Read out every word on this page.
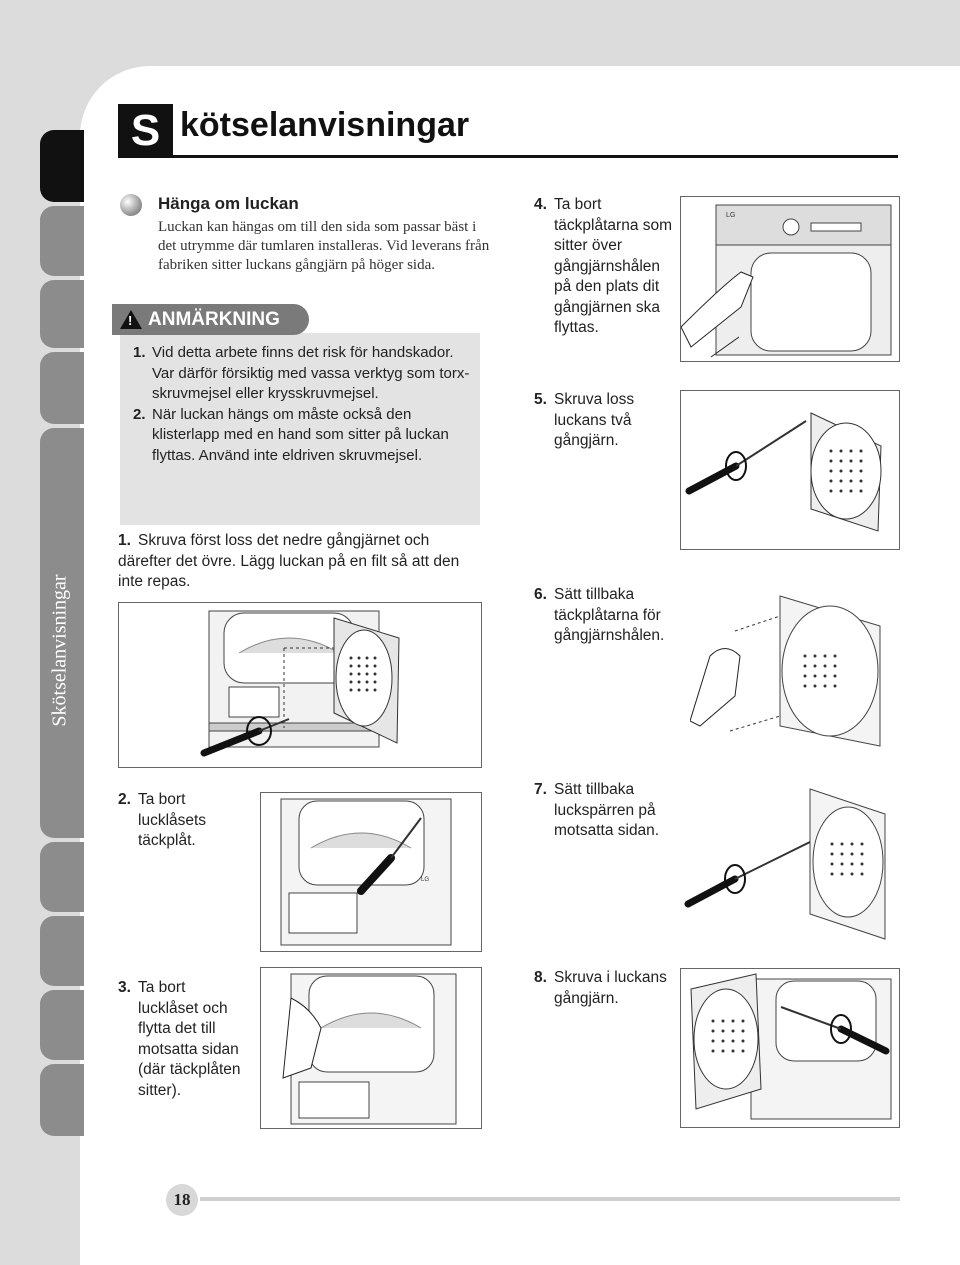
Skötselanvisningar
S kötselanvisningar
Hänga om luckan
Luckan kan hängas om till den sida som passar bäst i det utrymme där tumlaren installeras. Vid leverans från fabriken sitter luckans gångjärn på höger sida.
!
ANMÄRKNING
1. Vid detta arbete finns det risk för handskador. Var därför försiktig med vassa verktyg som torx-skruvmejsel eller krysskruvmejsel.
2. När luckan hängs om måste också den klisterlapp med en hand som sitter på luckan flyttas. Använd inte eldriven skruvmejsel.
1. Skruva först loss det nedre gångjärnet och därefter det övre. Lägg luckan på en filt så att den inte repas.
2. Ta bort lucklåsets täckplåt.
LG
3. Ta bort lucklåset och flytta det till motsatta sidan (där täckplåten sitter).
4. Ta bort täckplåtarna som sitter över gångjärnshålen på den plats dit gångjärnen ska flyttas.
LG
5. Skruva loss luckans två gångjärn.
6. Sätt tillbaka täckplåtarna för gångjärnshålen.
7. Sätt tillbaka luckspärren på motsatta sidan.
8. Skruva i luckans gångjärn.
18
